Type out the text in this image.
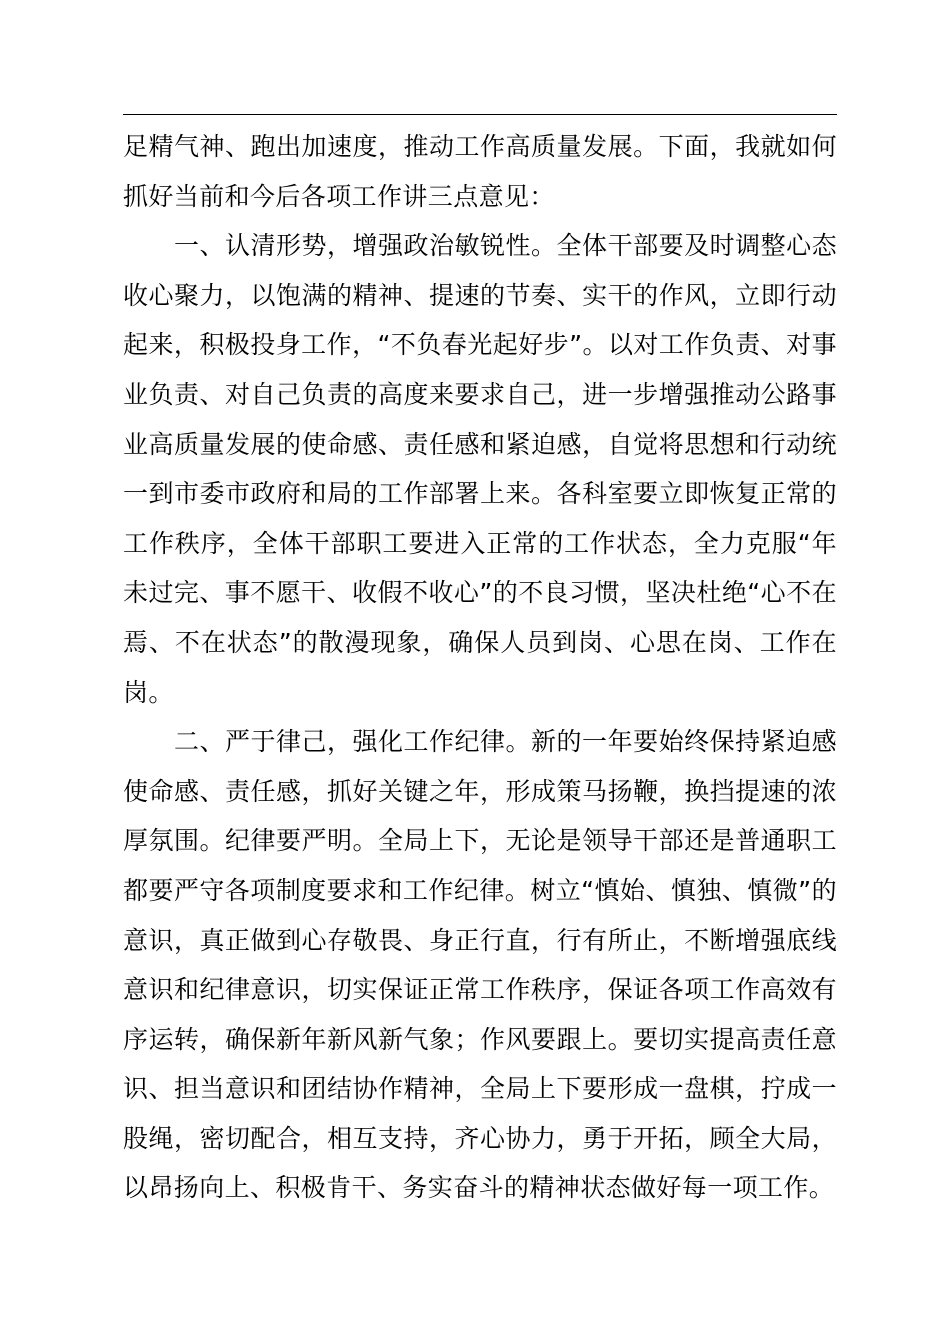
足精气神、跑出加速度，推动工作高质量发展。下面，我就如何抓好当前和今后各项工作讲三点意见：

一、认清形势，增强政治敏锐性。全体干部要及时调整心态收心聚力，以饱满的精神、提速的节奏、实干的作风，立即行动起来，积极投身工作，“不负春光起好步”。以对工作负责、对事业负责、对自己负责的高度来要求自己，进一步增强推动公路事业高质量发展的使命感、责任感和紧迫感，自觉将思想和行动统一到市委市政府和局的工作部署上来。各科室要立即恢复正常的工作秩序，全体干部职工要进入正常的工作状态，全力克服“年未过完、事不愿干、收假不收心”的不良习惯，坚决杜绝“心不在焉、不在状态”的散漫现象，确保人员到岗、心思在岗、工作在岗。

二、严于律己，强化工作纪律。新的一年要始终保持紧迫感使命感、责任感，抓好关键之年，形成策马扬鞭，换挡提速的浓厚氛围。纪律要严明。全局上下，无论是领导干部还是普通职工都要严守各项制度要求和工作纪律。树立“慎始、慎独、慎微”的意识，真正做到心存敬畏、身正行直，行有所止，不断增强底线意识和纪律意识，切实保证正常工作秩序，保证各项工作高效有序运转，确保新年新风新气象；作风要跟上。要切实提高责任意识、担当意识和团结协作精神，全局上下要形成一盘棋，拧成一股绳，密切配合，相互支持，齐心协力，勇于开拓，顾全大局，以昂扬向上、积极肯干、务实奋斗的精神状态做好每一项工作。
